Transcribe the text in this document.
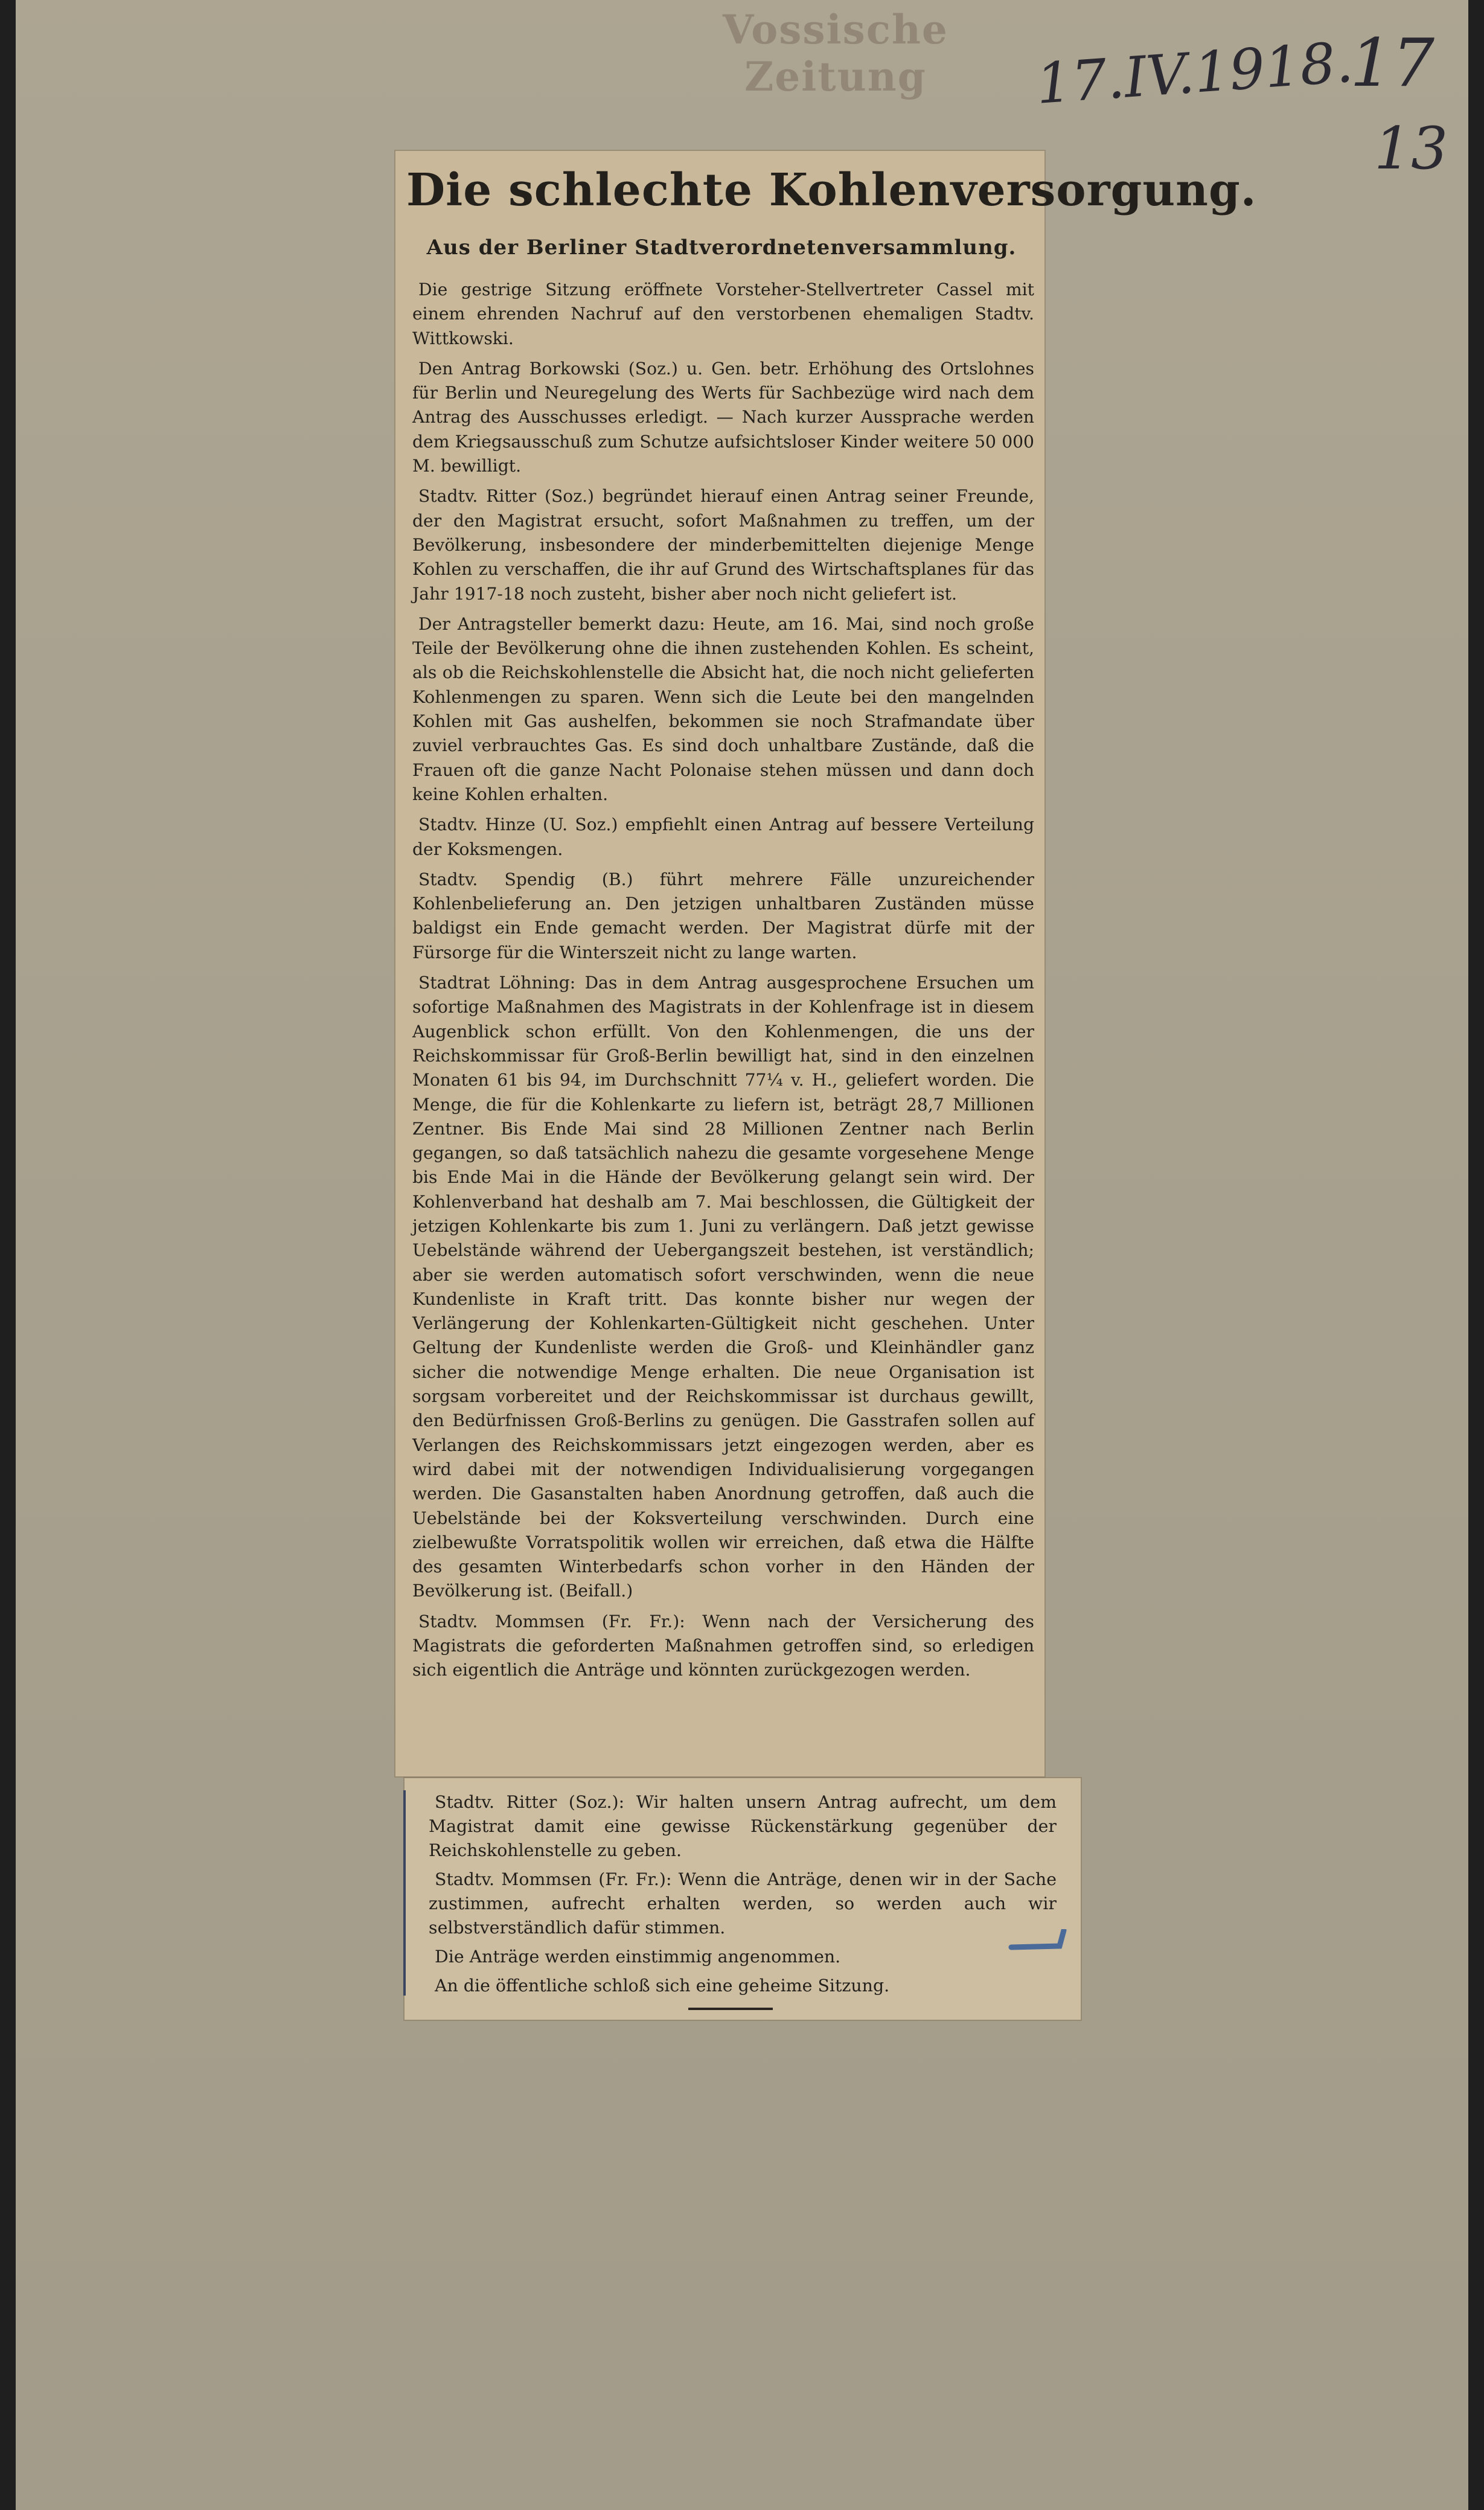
Vossische Zeitung	17.IV.1918.
17
13
Die schlechte Kohlenversorgung.
Aus der Berliner Stadtverordnetenversammlung.

Die gestrige Sitzung eröffnete Vorsteher-Stellvertreter Cassel mit einem ehrenden Nachruf auf den verstorbenen ehemaligen Stadtv. Wittkowski.

Den Antrag Borkowski (Soz.) u. Gen. betr. Erhöhung des Ortslohnes für Berlin und Neuregelung des Werts für Sachbezüge wird nach dem Antrag des Ausschusses erledigt. — Nach kurzer Aussprache werden dem Kriegsausschuß zum Schutze aufsichtsloser Kinder weitere 50 000 M. bewilligt.

Stadtv. Ritter (Soz.) begründet hierauf einen Antrag seiner Freunde, der den Magistrat ersucht, sofort Maßnahmen zu treffen, um der Bevölkerung, insbesondere der minderbemittelten diejenige Menge Kohlen zu verschaffen, die ihr auf Grund des Wirtschaftsplanes für das Jahr 1917-18 noch zusteht, bisher aber noch nicht geliefert ist.

Der Antragsteller bemerkt dazu: Heute, am 16. Mai, sind noch große Teile der Bevölkerung ohne die ihnen zustehenden Kohlen. Es scheint, als ob die Reichskohlenstelle die Absicht hat, die noch nicht gelieferten Kohlenmengen zu sparen. Wenn sich die Leute bei den mangelnden Kohlen mit Gas aushelfen, bekommen sie noch Strafmandate über zuviel verbrauchtes Gas. Es sind doch unhaltbare Zustände, daß die Frauen oft die ganze Nacht Polonaise stehen müssen und dann doch keine Kohlen erhalten.

Stadtv. Hinze (U. Soz.) empfiehlt einen Antrag auf bessere Verteilung der Koksmengen.

Stadtv. Spendig (B.) führt mehrere Fälle unzureichender Kohlenbelieferung an. Den jetzigen unhaltbaren Zuständen müsse baldigst ein Ende gemacht werden. Der Magistrat dürfe mit der Fürsorge für die Winterszeit nicht zu lange warten.

Stadtrat Löhning: Das in dem Antrag ausgesprochene Ersuchen um sofortige Maßnahmen des Magistrats in der Kohlenfrage ist in diesem Augenblick schon erfüllt. Von den Kohlenmengen, die uns der Reichskommissar für Groß-Berlin bewilligt hat, sind in den einzelnen Monaten 61 bis 94, im Durchschnitt 77¼ v. H., geliefert worden. Die Menge, die für die Kohlenkarte zu liefern ist, beträgt 28,7 Millionen Zentner. Bis Ende Mai sind 28 Millionen Zentner nach Berlin gegangen, so daß tatsächlich nahezu die gesamte vorgesehene Menge bis Ende Mai in die Hände der Bevölkerung gelangt sein wird. Der Kohlenverband hat deshalb am 7. Mai beschlossen, die Gültigkeit der jetzigen Kohlenkarte bis zum 1. Juni zu verlängern. Daß jetzt gewisse Uebelstände während der Uebergangszeit bestehen, ist verständlich; aber sie werden automatisch sofort verschwinden, wenn die neue Kundenliste in Kraft tritt. Das konnte bisher nur wegen der Verlängerung der Kohlenkarten-Gültigkeit nicht geschehen. Unter Geltung der Kundenliste werden die Groß- und Kleinhändler ganz sicher die notwendige Menge erhalten. Die neue Organisation ist sorgsam vorbereitet und der Reichskommissar ist durchaus gewillt, den Bedürfnissen Groß-Berlins zu genügen. Die Gasstrafen sollen auf Verlangen des Reichskommissars jetzt eingezogen werden, aber es wird dabei mit der notwendigen Individualisierung vorgegangen werden. Die Gasanstalten haben Anordnung getroffen, daß auch die Uebelstände bei der Koksverteilung verschwinden. Durch eine zielbewußte Vorratspolitik wollen wir erreichen, daß etwa die Hälfte des gesamten Winterbedarfs schon vorher in den Händen der Bevölkerung ist. (Beifall.)

Stadtv. Mommsen (Fr. Fr.): Wenn nach der Versicherung des Magistrats die geforderten Maßnahmen getroffen sind, so erledigen sich eigentlich die Anträge und könnten zurückgezogen werden.

Stadtv. Ritter (Soz.): Wir halten unsern Antrag aufrecht, um dem Magistrat damit eine gewisse Rückenstärkung gegenüber der Reichskohlenstelle zu geben.

Stadtv. Mommsen (Fr. Fr.): Wenn die Anträge, denen wir in der Sache zustimmen, aufrecht erhalten werden, so werden auch wir selbstverständlich dafür stimmen.

Die Anträge werden einstimmig angenommen.

An die öffentliche schloß sich eine geheime Sitzung.
